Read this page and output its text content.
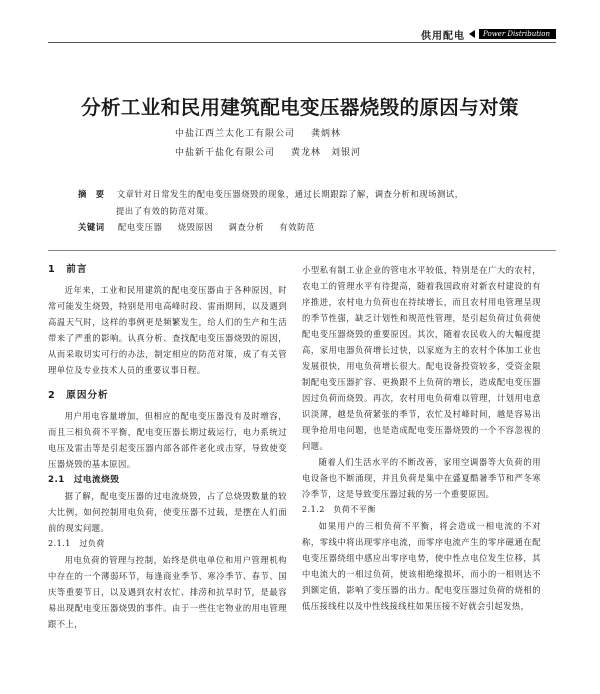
供用配电	Power Distribution
分析工业和民用建筑配电变压器烧毁的原因与对策
中盐江西兰太化工有限公司 龚炳林
中盐新干盐化有限公司 黄龙林　刘银河
摘　要 文章针对日常发生的配电变压器烧毁的现象，通过长期跟踪了解，调查分析和现场测试，
提出了有效的防范对策。
关键词 配电变压器 烧毁原因 调查分析 有效防范
1　前言

近年来，工业和民用建筑的配电变压器由于各种原因，时常可能发生烧毁，特别是用电高峰时段、雷雨期间，以及遇到高温天气时，这样的事例更是频繁发生，给人们的生产和生活带来了严重的影响。认真分析、查找配电变压器烧毁的原因，从而采取切实可行的办法，制定相应的防范对策，成了有关管理单位及专业技术人员的重要议事日程。

2　原因分析

用户用电容量增加，但相应的配电变压器没有及时增容，而且三相负荷不平衡，配电变压器长期过载运行，电力系统过电压及雷击等是引起变压器内部各部件老化或击穿，导致使变压器烧毁的基本原因。

2.1　过电流烧毁

据了解，配电变压器的过电流烧毁，占了总烧毁数量的较大比例，如何控制用电负荷，使变压器不过载，是摆在人们面前的现实问题。

2.1.1　过负荷

用电负荷的管理与控制，始终是供电单位和用户管理机构中存在的一个薄弱环节，每逢商业季节、寒冷季节、春节、国庆等重要节日，以及遇到农村农忙、排涝和抗旱时节，是最容易出现配电变压器烧毁的事件。由于一些住宅物业的用电管理跟不上，

小型私有制工业企业的管电水平较低，特别是在广大的农村，农电工的管理水平有待提高，随着我国政府对新农村建设的有序推进，农村电力负荷也在持续增长，而且农村用电管理呈现的季节性强，缺乏计划性和规范性管理，是引起负荷过负荷使配电变压器烧毁的重要原因。其次，随着农民收入的大幅度提高，家用电器负荷增长过快，以家庭为主的农村个体加工业也发展很快，用电负荷增长很大。配电设备投资较多，受资金限制配电变压器扩容、更换跟不上负荷的增长，造成配电变压器因过负荷而烧毁。再次，农村用电负荷难以管理，计划用电意识淡薄，越是负荷紧张的季节，农忙及村峰时间，越是容易出现争抢用电问题，也是造成配电变压器烧毁的一个不容忽视的问题。

随着人们生活水平的不断改善，家用空调器等大负荷的用电设备也不断涌现，并且负荷是集中在盛夏酷暑季节和严冬寒冷季节，这是导致变压器过载的另一个重要原因。

2.1.2　负荷不平衡

如果用户的三相负荷不平衡，将会造成一相电流的不对称，零线中将出现零序电流，而零序电流产生的零序磁通在配电变压器绕组中感应出零序电势，使中性点电位发生位移，其中电流大的一相过负荷，使该相绝缘损坏，而小的一相则达不到额定值，影响了变压器的出力。配电变压器过负荷的烧相的低压接线柱以及中性线接线柱如果压接不好就会引起发热，
